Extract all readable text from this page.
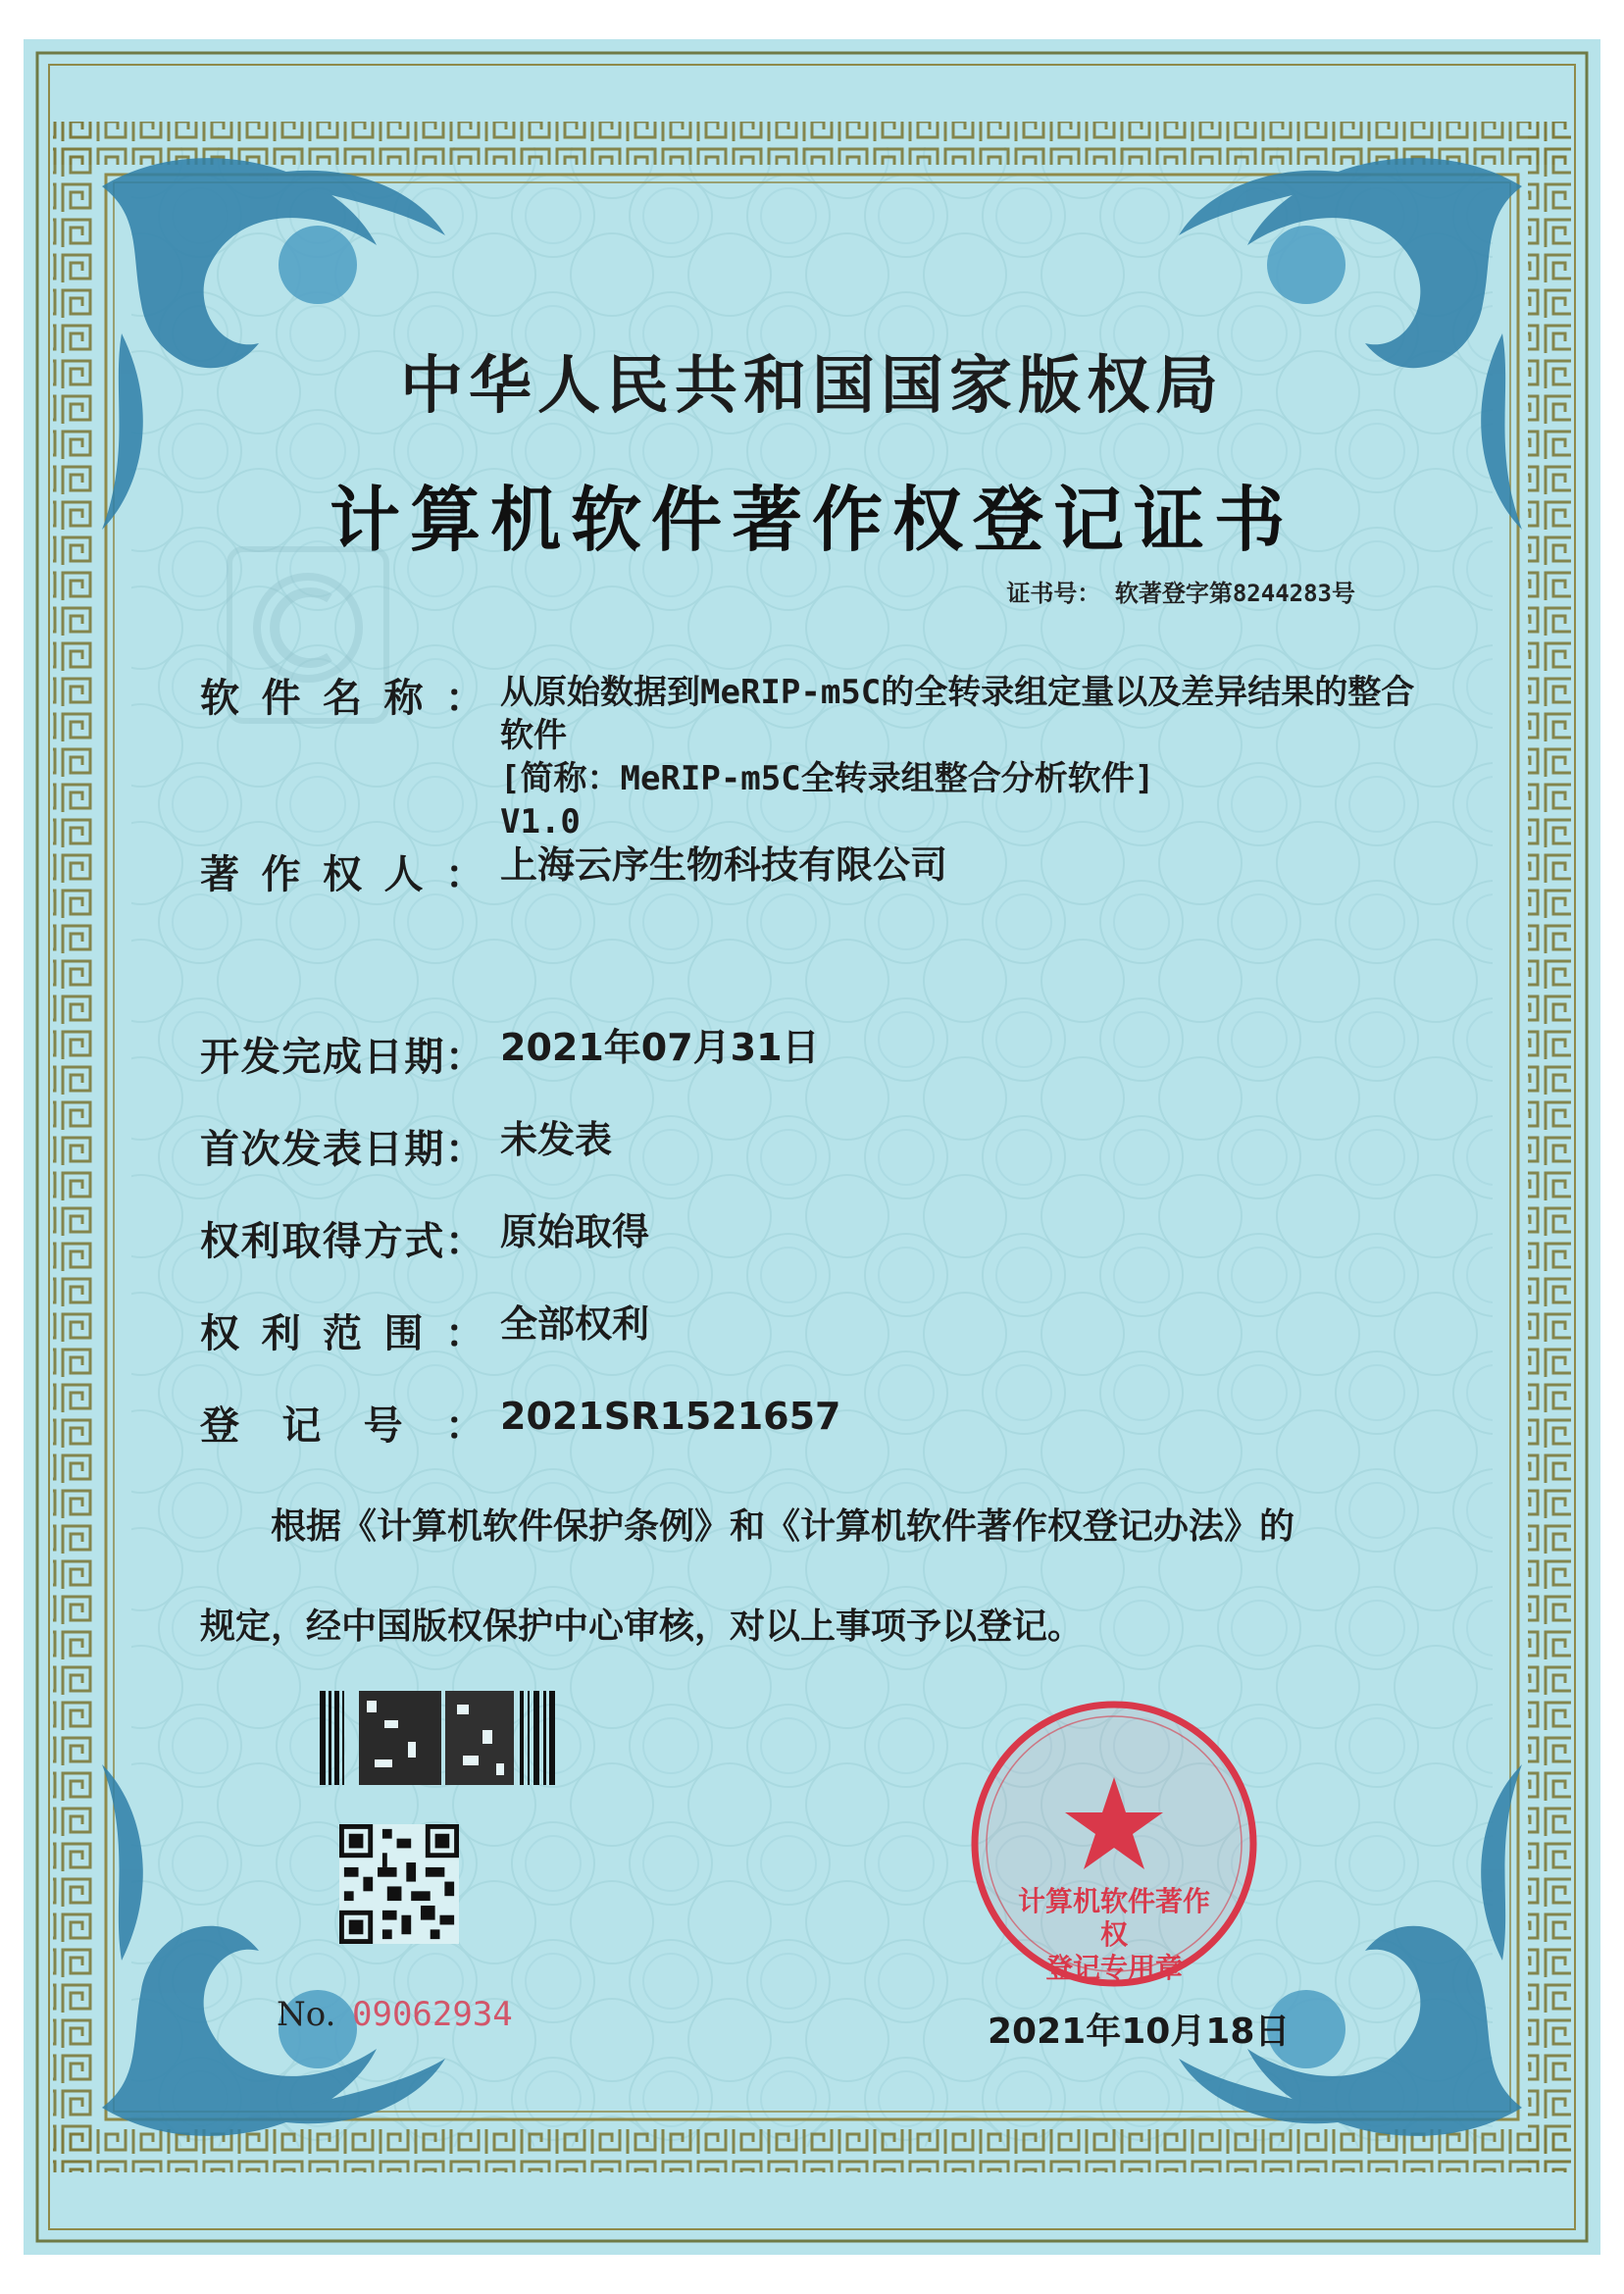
中华人民共和国国家版权局
计算机软件著作权登记证书
证书号： 软著登字第8244283号
软件名称： 从原始数据到MeRIP-m5C的全转录组定量以及差异结果的整合
软件
[简称：MeRIP-m5C全转录组整合分析软件]
V1.0
著作权人： 上海云序生物科技有限公司
开发完成日期： 2021年07月31日
首次发表日期： 未发表
权利取得方式： 原始取得
权利范围： 全部权利
登记号： 2021SR1521657
根据《计算机软件保护条例》和《计算机软件著作权登记办法》的
规定，经中国版权保护中心审核，对以上事项予以登记。
No. 09062934
计算机软件著作权
登记专用章
2021年10月18日
